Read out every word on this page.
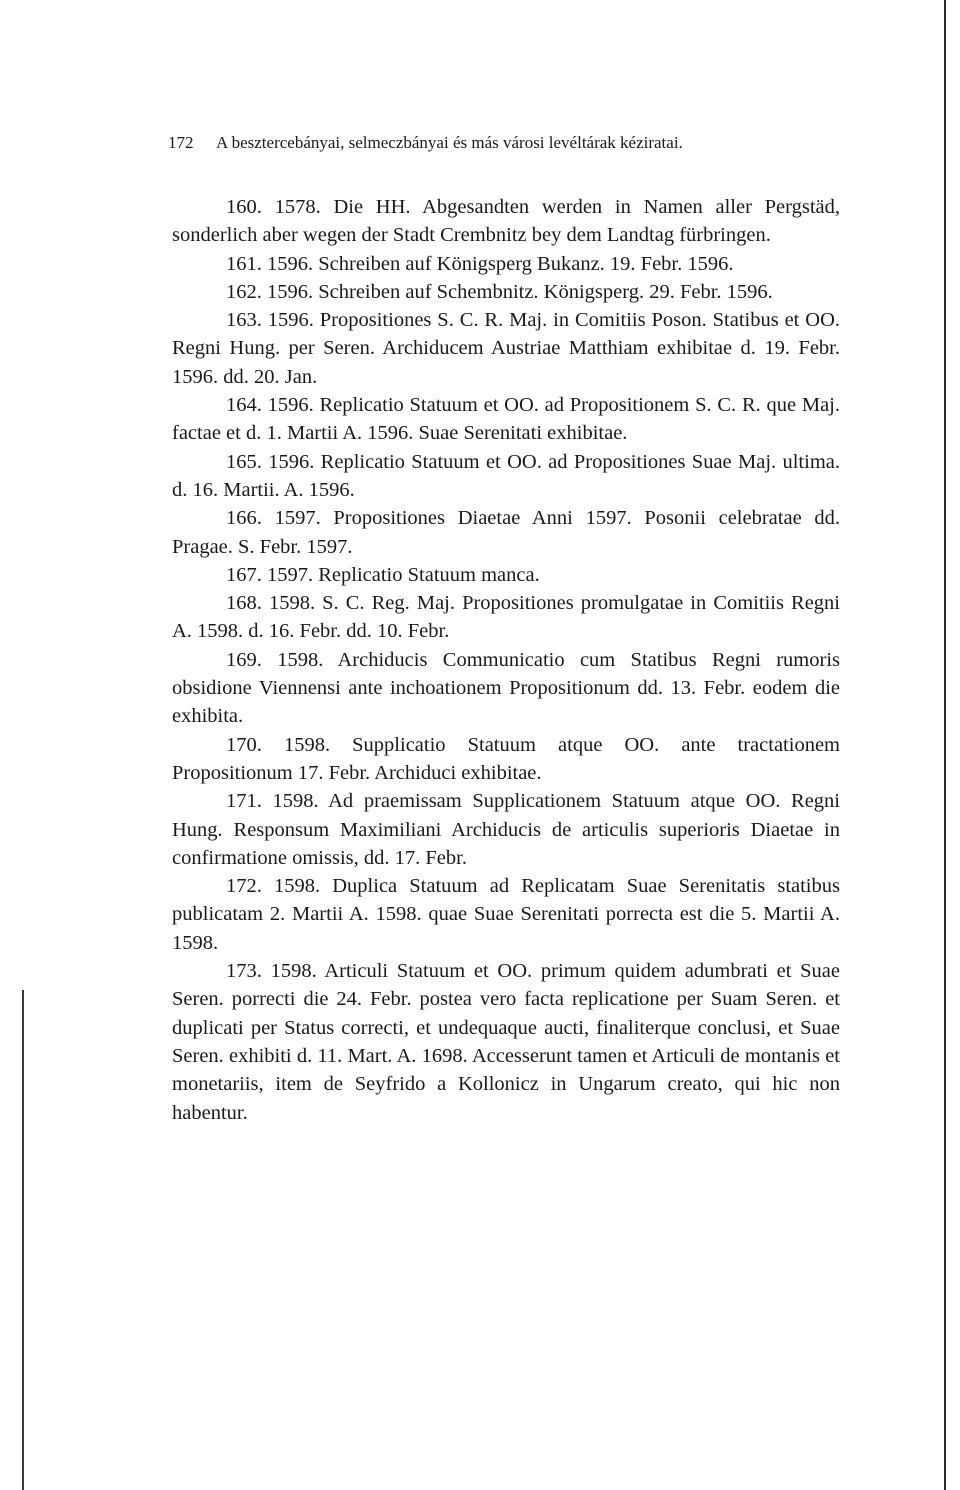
172 A besztercebányai, selmeczbányai és más városi levéltárak kéziratai.

160. 1578. Die HH. Abgesandten werden in Namen aller Pergstäd, sonderlich aber wegen der Stadt Crembnitz bey dem Landtag fürbringen.

161. 1596. Schreiben auf Königsperg Bukanz. 19. Febr. 1596.

162. 1596. Schreiben auf Schembnitz. Königsperg. 29. Febr. 1596.

163. 1596. Propositiones S. C. R. Maj. in Comitiis Poson. Statibus et OO. Regni Hung. per Seren. Archiducem Austriae Matthiam exhibitae d. 19. Febr. 1596. dd. 20. Jan.

164. 1596. Replicatio Statuum et OO. ad Propositionem S. C. R. que Maj. factae et d. 1. Martii A. 1596. Suae Serenitati exhibitae.

165. 1596. Replicatio Statuum et OO. ad Propositiones Suae Maj. ultima. d. 16. Martii. A. 1596.

166. 1597. Propositiones Diaetae Anni 1597. Posonii celebratae dd. Pragae. S. Febr. 1597.

167. 1597. Replicatio Statuum manca.

168. 1598. S. C. Reg. Maj. Propositiones promulgatae in Comitiis Regni A. 1598. d. 16. Febr. dd. 10. Febr.

169. 1598. Archiducis Communicatio cum Statibus Regni rumoris obsidione Viennensi ante inchoationem Propositionum dd. 13. Febr. eodem die exhibita.

170. 1598. Supplicatio Statuum atque OO. ante tractationem Propositionum 17. Febr. Archiduci exhibitae.

171. 1598. Ad praemissam Supplicationem Statuum atque OO. Regni Hung. Responsum Maximiliani Archiducis de articulis superioris Diaetae in confirmatione omissis, dd. 17. Febr.

172. 1598. Duplica Statuum ad Replicatam Suae Serenitatis statibus publicatam 2. Martii A. 1598. quae Suae Serenitati porrecta est die 5. Martii A. 1598.

173. 1598. Articuli Statuum et OO. primum quidem adumbrati et Suae Seren. porrecti die 24. Febr. postea vero facta replicatione per Suam Seren. et duplicati per Status correcti, et undequaque aucti, finaliterque conclusi, et Suae Seren. exhibiti d. 11. Mart. A. 1698. Accesserunt tamen et Articuli de montanis et monetariis, item de Seyfrido a Kollonicz in Ungarum creato, qui hic non habentur.
